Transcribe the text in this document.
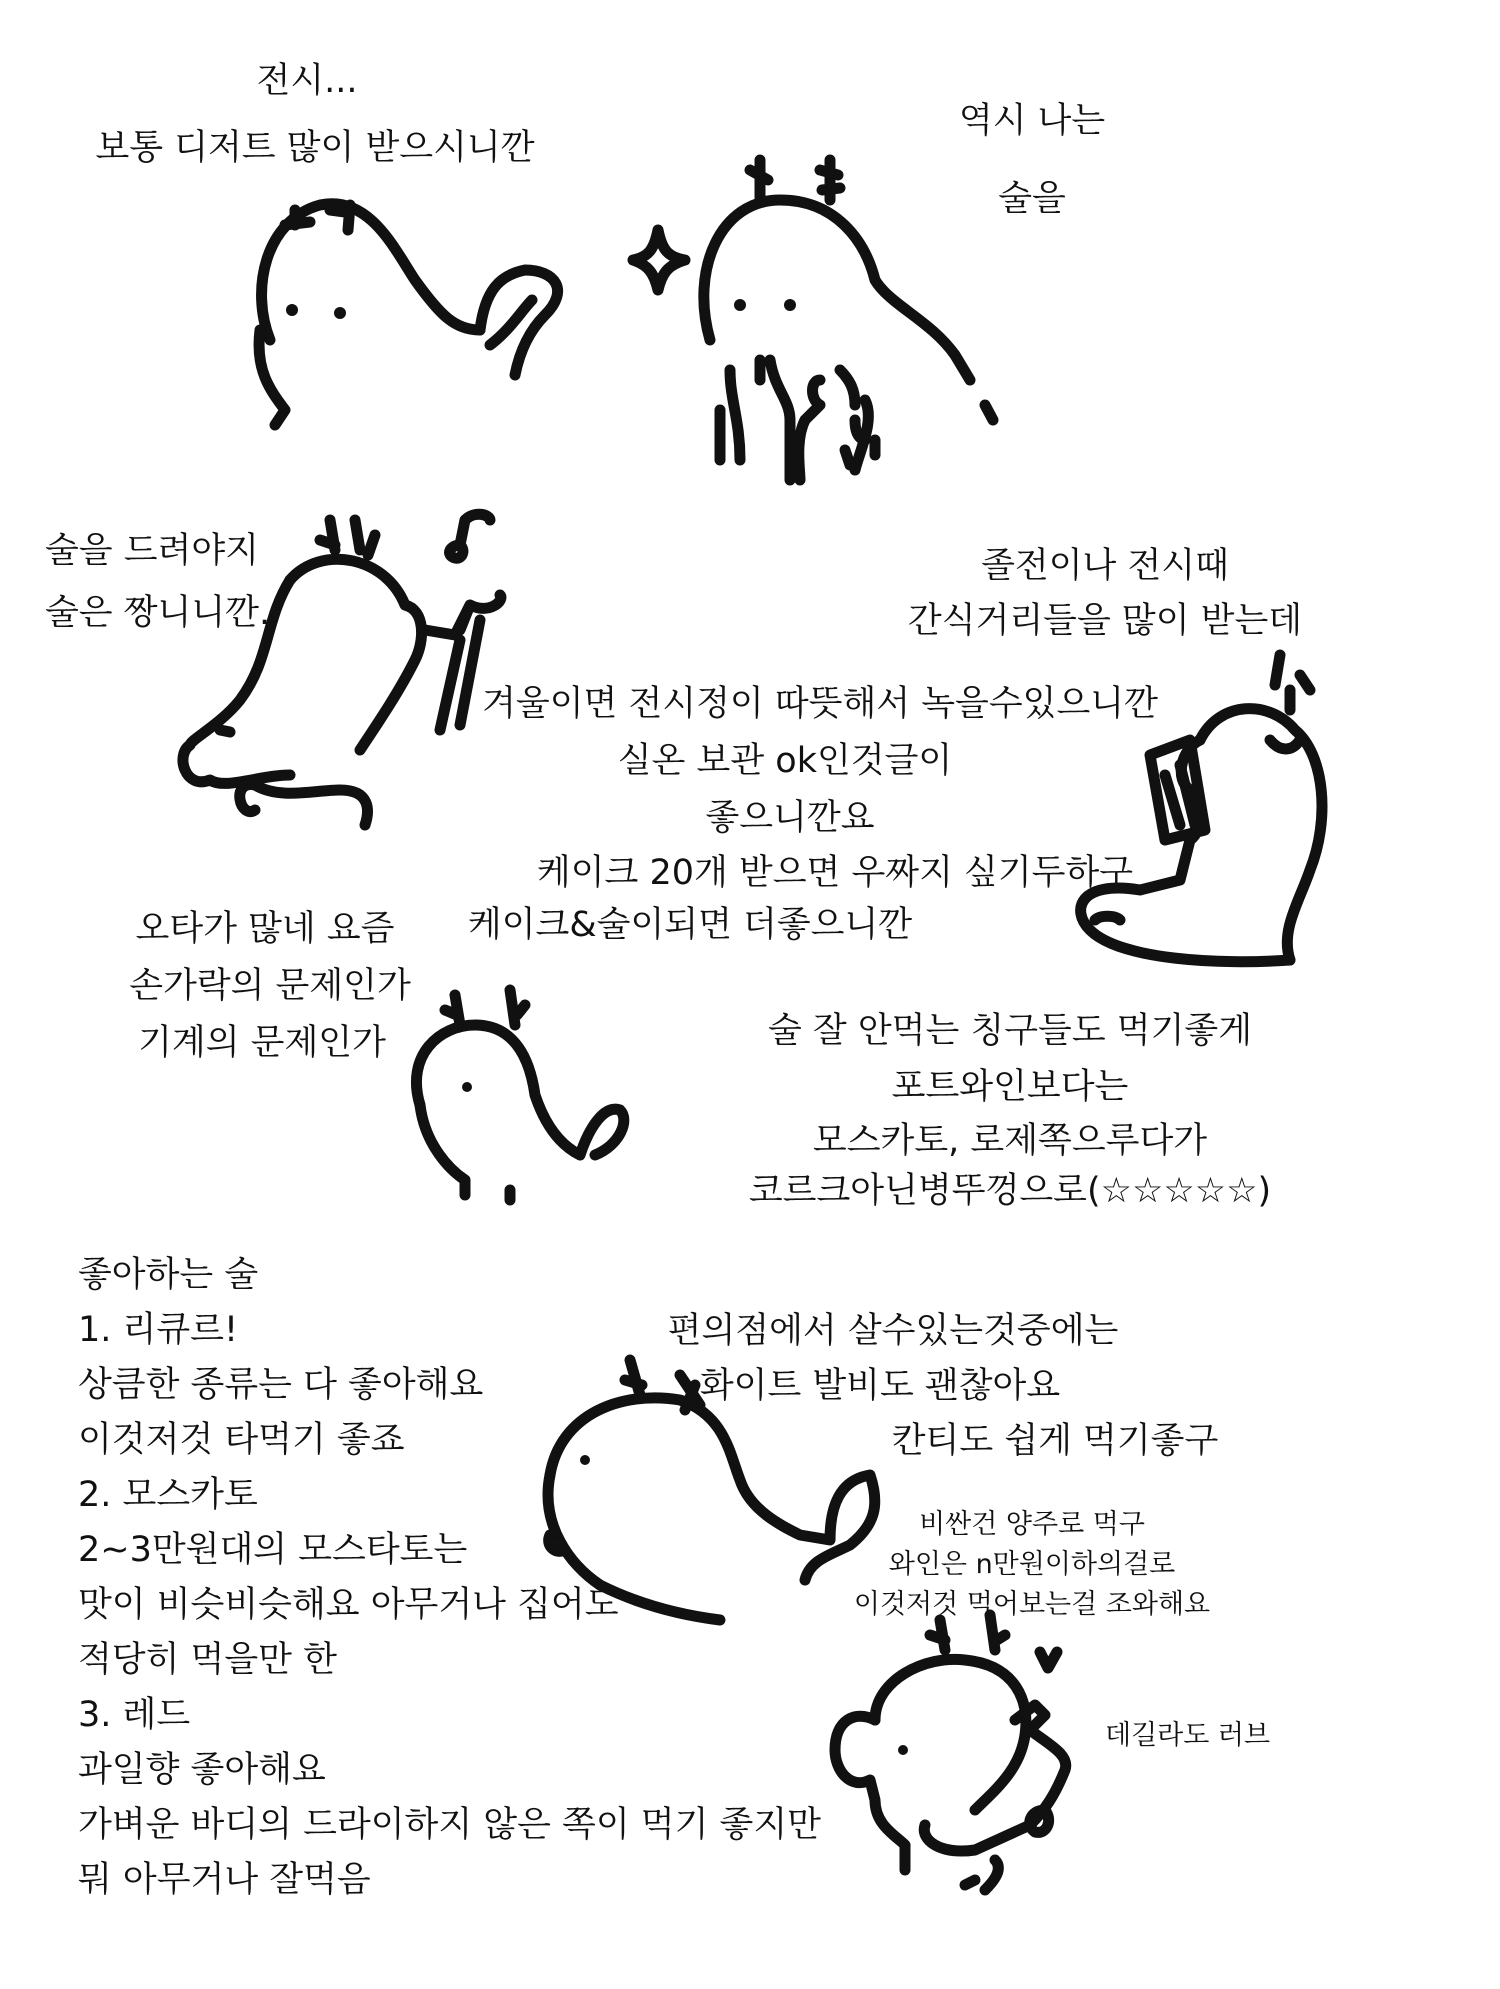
전시...
보통 디저트 많이 받으시니깐
역시 나는
술을
술을 드려야지
술은 짱니니깐.
졸전이나 전시때
간식거리들을 많이 받는데
겨울이면 전시정이 따뜻해서 녹을수있으니깐
실온 보관 ok인것글이
좋으니깐요
케이크 20개 받으면 우짜지 싶기두하구
케이크&술이되면 더좋으니깐
오타가 많네 요즘
손가락의 문제인가
기계의 문제인가	술 잘 안먹는 칭구들도 먹기좋게
포트와인보다는
모스카토, 로제쪽으루다가
코르크아닌병뚜껑으로(☆☆☆☆☆)
좋아하는 술
1. 리큐르!
상큼한 종류는 다 좋아해요
이것저것 타먹기 좋죠
2. 모스카토
2~3만원대의 모스타토는
맛이 비슷비슷해요 아무거나 집어도
적당히 먹을만 한
3. 레드
과일향 좋아해요
가벼운 바디의 드라이하지 않은 쪽이 먹기 좋지만
뭐 아무거나 잘먹음
편의점에서 살수있는것중에는
화이트 발비도 괜찮아요
칸티도 쉽게 먹기좋구
비싼건 양주로 먹구
와인은 n만원이하의걸로
이것저것 먹어보는걸 조와해요
데길라도 러브
